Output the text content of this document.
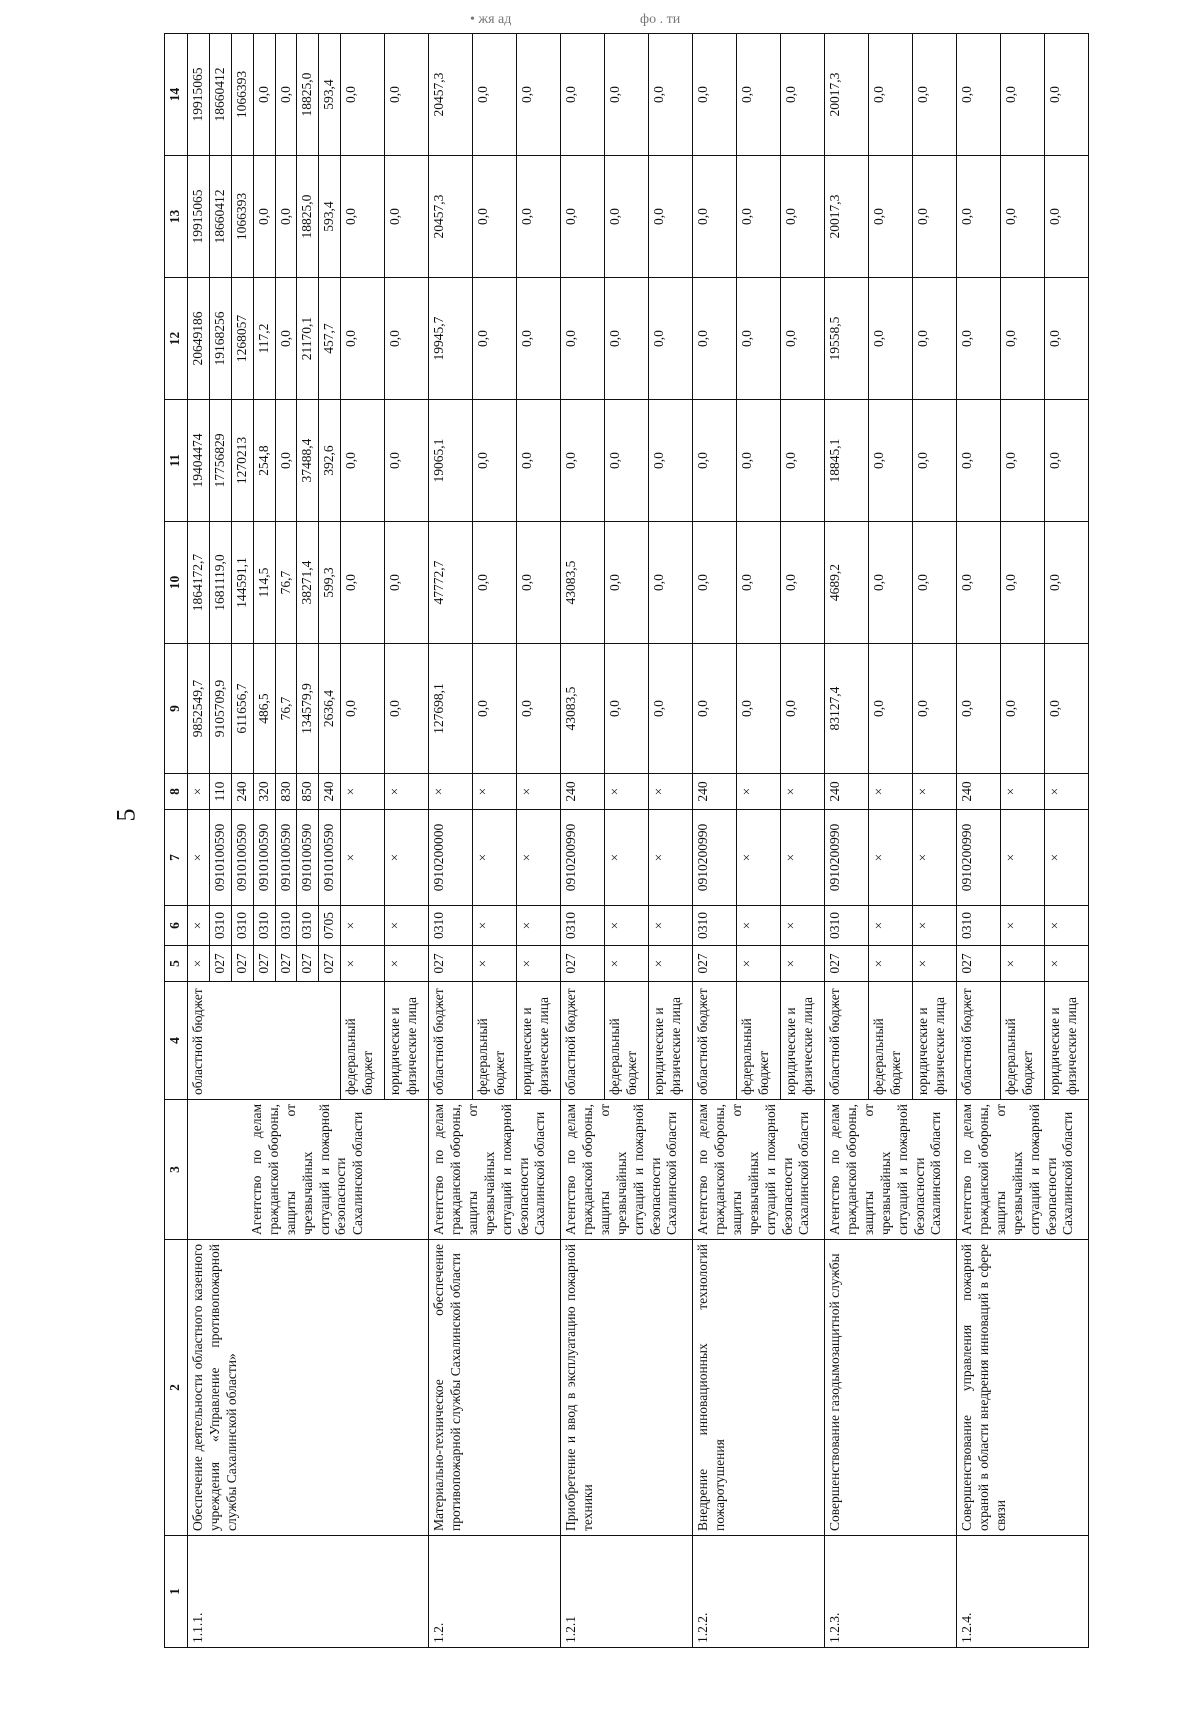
5
• жя ад	фо . ти
1	2	3	4	5	6	7	8	9	10	11	12	13	14
1.1.1.	Обеспечение деятельности областного казенного учреждения «Управление противопожарной службы Сахалинской области»	Агентство по делам гражданской обороны, защиты от чрезвычайных ситуаций и пожарной безопасности Сахалинской области	областной бюджет	×	×	×	×	9852549,7	1864172,7	19404474	20649186	19915065	19915065
				027	0310	0910100590	110	9105709,9	1681119,0	17756829	19168256	18660412	18660412
				027	0310	0910100590	240	611656,7	144591,1	1270213	1268057	1066393	1066393
				027	0310	0910100590	320	486,5	114,5	254,8	117,2	0,0	0,0
				027	0310	0910100590	830	76,7	76,7	0,0	0,0	0,0	0,0
				027	0310	0910100590	850	134579,9	38271,4	37488,4	21170,1	18825,0	18825,0
				027	0705	0910100590	240	2636,4	599,3	392,6	457,7	593,4	593,4
			федеральный бюджет	×	×	×	×	0,0	0,0	0,0	0,0	0,0	0,0
			юридические и физические лица	×	×	×	×	0,0	0,0	0,0	0,0	0,0	0,0
1.2.	Материально-техническое обеспечение противопожарной службы Сахалинской области	Агентство по делам гражданской обороны, защиты от чрезвычайных ситуаций и пожарной безопасности Сахалинской области	областной бюджет	027	0310	0910200000	×	127698,1	47772,7	19065,1	19945,7	20457,3	20457,3
			федеральный бюджет	×	×	×	×	0,0	0,0	0,0	0,0	0,0	0,0
			юридические и физические лица	×	×	×	×	0,0	0,0	0,0	0,0	0,0	0,0
1.2.1	Приобретение и ввод в эксплуатацию пожарной техники	Агентство по делам гражданской обороны, защиты от чрезвычайных ситуаций и пожарной безопасности Сахалинской области	областной бюджет	027	0310	0910200990	240	43083,5	43083,5	0,0	0,0	0,0	0,0
			федеральный бюджет	×	×	×	×	0,0	0,0	0,0	0,0	0,0	0,0
			юридические и физические лица	×	×	×	×	0,0	0,0	0,0	0,0	0,0	0,0
1.2.2.	Внедрение инновационных технологий пожаротушения	Агентство по делам гражданской обороны, защиты от чрезвычайных ситуаций и пожарной безопасности Сахалинской области	областной бюджет	027	0310	0910200990	240	0,0	0,0	0,0	0,0	0,0	0,0
			федеральный бюджет	×	×	×	×	0,0	0,0	0,0	0,0	0,0	0,0
			юридические и физические лица	×	×	×	×	0,0	0,0	0,0	0,0	0,0	0,0
1.2.3.	Совершенствование газодымозащитной службы	Агентство по делам гражданской обороны, защиты от чрезвычайных ситуаций и пожарной безопасности Сахалинской области	областной бюджет	027	0310	0910200990	240	83127,4	4689,2	18845,1	19558,5	20017,3	20017,3
			федеральный бюджет	×	×	×	×	0,0	0,0	0,0	0,0	0,0	0,0
			юридические и физические лица	×	×	×	×	0,0	0,0	0,0	0,0	0,0	0,0
1.2.4.	Совершенствование управления пожарной охраной в области внедрения инноваций в сфере связи	Агентство по делам гражданской обороны, защиты от чрезвычайных ситуаций и пожарной безопасности Сахалинской области	областной бюджет	027	0310	0910200990	240	0,0	0,0	0,0	0,0	0,0	0,0
			федеральный бюджет	×	×	×	×	0,0	0,0	0,0	0,0	0,0	0,0
			юридические и физические лица	×	×	×	×	0,0	0,0	0,0	0,0	0,0	0,0
